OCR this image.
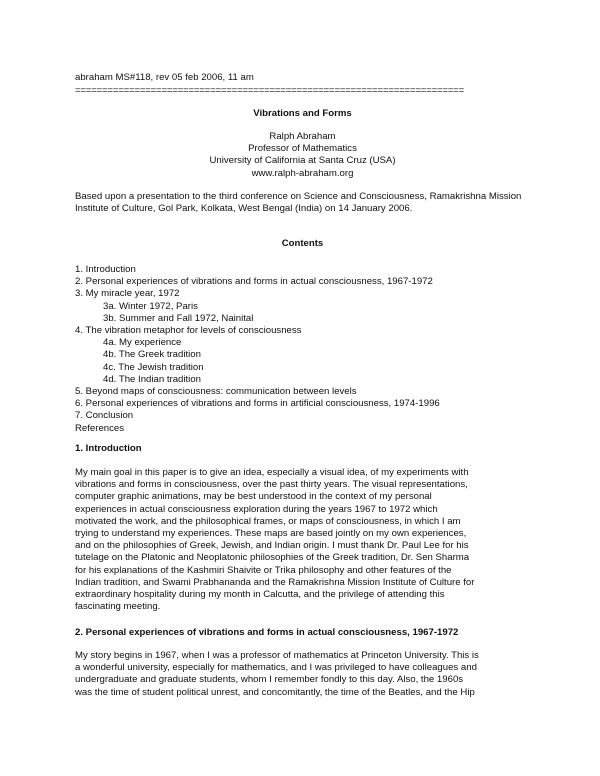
abraham MS#118, rev 05 feb 2006, 11 am
========================================================================
Vibrations and Forms
Ralph Abraham
Professor of Mathematics
University of California at Santa Cruz (USA)
www.ralph-abraham.org
Based upon a presentation to the third conference on Science and Consciousness, Ramakrishna Mission Institute of Culture, Gol Park, Kolkata, West Bengal (India) on 14 January 2006.
Contents
1. Introduction
2. Personal experiences of vibrations and forms in actual consciousness, 1967-1972
3. My miracle year, 1972
3a. Winter 1972, Paris
3b. Summer and Fall 1972, Nainital
4. The vibration metaphor for levels of consciousness
4a. My experience
4b. The Greek tradition
4c. The Jewish tradition
4d. The Indian tradition
5. Beyond maps of consciousness: communication between levels
6. Personal experiences of vibrations and forms in artificial consciousness, 1974-1996
7. Conclusion
References
1. Introduction
My main goal in this paper is to give an idea, especially a visual idea, of my experiments with
vibrations and forms in consciousness, over the past thirty years. The visual representations,
computer graphic animations, may be best understood in the context of my personal
experiences in actual consciousness exploration during the years 1967 to 1972 which
motivated the work, and the philosophical frames, or maps of consciousness, in which I am
trying to understand my experiences. These maps are based jointly on my own experiences,
and on the philosophies of Greek, Jewish, and Indian origin. I must thank Dr. Paul Lee for his
tutelage on the Platonic and Neoplatonic philosophies of the Greek tradition, Dr. Sen Sharma
for his explanations of the Kashmiri Shaivite or Trika philosophy and other features of the
Indian tradition, and Swami Prabhananda and the Ramakrishna Mission Institute of Culture for
extraordinary hospitality during my month in Calcutta, and the privilege of attending this
fascinating meeting.
2. Personal experiences of vibrations and forms in actual consciousness, 1967-1972
My story begins in 1967, when I was a professor of mathematics at Princeton University. This is
a wonderful university, especially for mathematics, and I was privileged to have colleagues and
undergraduate and graduate students, whom I remember fondly to this day. Also, the 1960s
was the time of student political unrest, and concomitantly, the time of the Beatles, and the Hip
